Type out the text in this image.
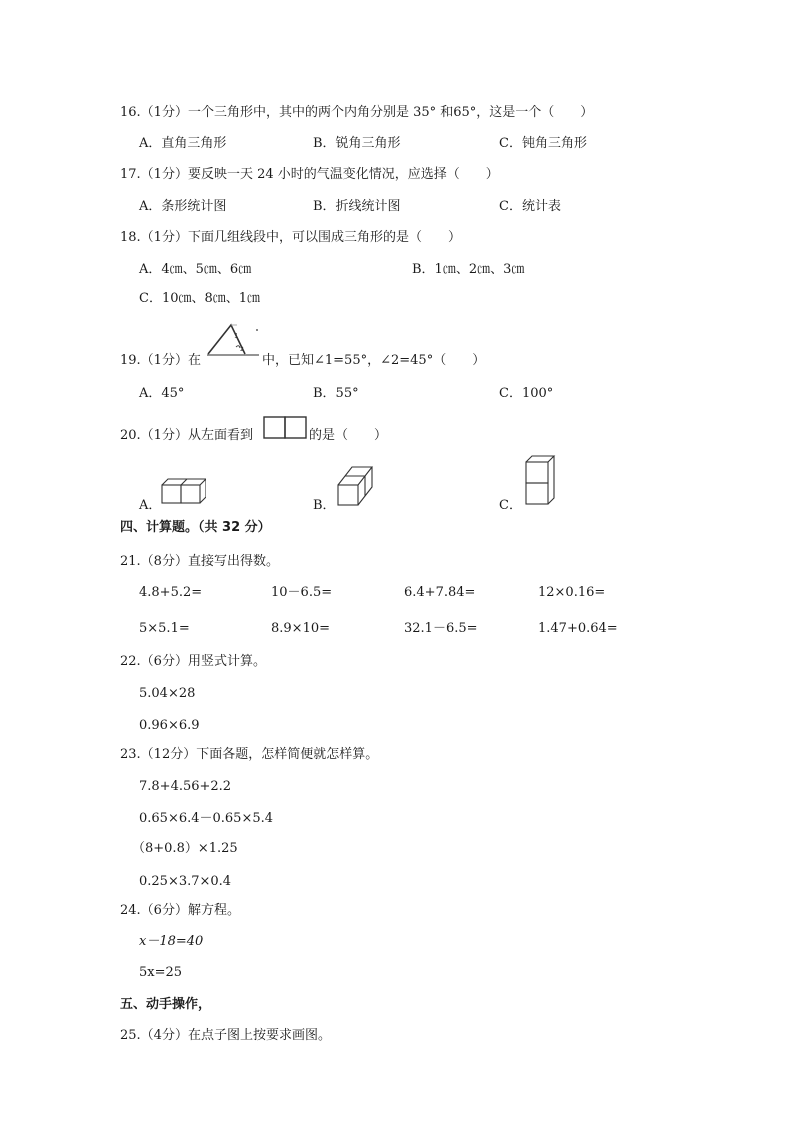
16.（1分）一个三角形中，其中的两个内角分别是 35° 和65°，这是一个（　　）
A．直角三角形	B．锐角三角形	C．钝角三角形
17.（1分）要反映一天 24 小时的气温变化情况，应选择（　　）
A．条形统计图	B．折线统计图	C．统计表
18.（1分）下面几组线段中，可以围成三角形的是（　　）
A．4㎝、5㎝、6㎝	B．1㎝、2㎝、3㎝
C．10㎝、8㎝、1㎝
19.（1分）在
1
2
中，已知∠1=55°，∠2=45°（　　）
A．45°	B．55°	C．100°
20.（1分）从左面看到	的是（　　）
A．	B．	C．
四、计算题。（共 32 分）
21.（8分）直接写出得数。
4.8+5.2=	10－6.5=	6.4+7.84=	12×0.16=
5×5.1=	8.9×10=	32.1－6.5=	1.47+0.64=
22.（6分）用竖式计算。
5.04×28
0.96×6.9
23.（12分）下面各题，怎样简便就怎样算。
7.8+4.56+2.2
0.65×6.4－0.65×5.4
（8+0.8）×1.25
0.25×3.7×0.4
24.（6分）解方程。
x－18=40
5x=25
五、动手操作，
25.（4分）在点子图上按要求画图。
